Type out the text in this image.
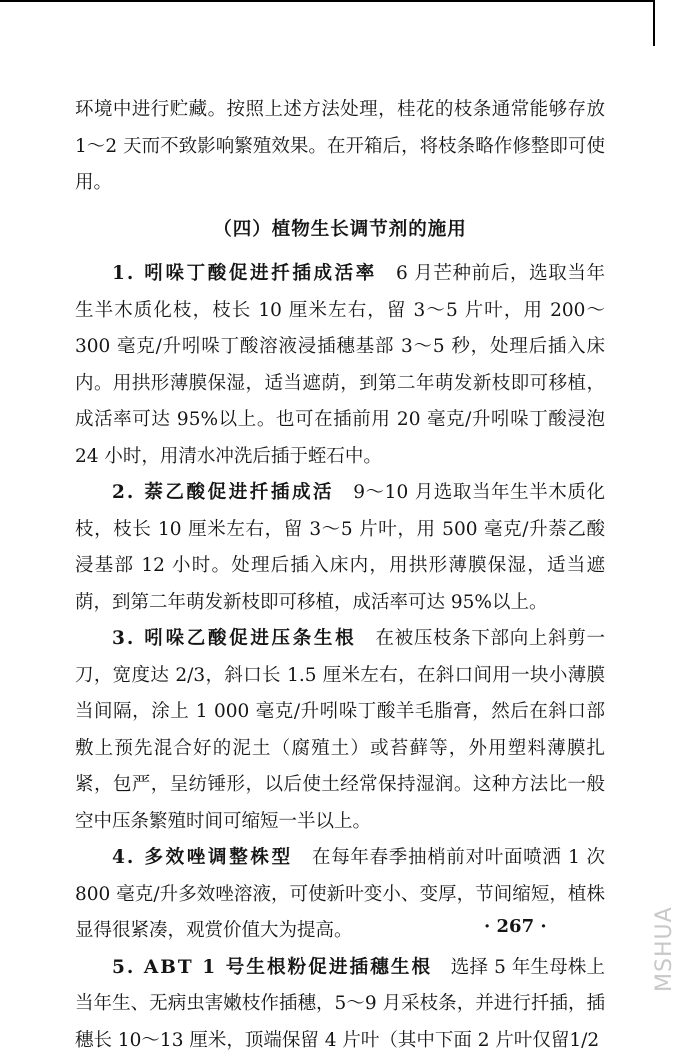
环境中进行贮藏。按照上述方法处理，桂花的枝条通常能够存放 1～2 天而不致影响繁殖效果。在开箱后，将枝条略作修整即可使用。

（四）植物生长调节剂的施用

1. 吲哚丁酸促进扦插成活率　 6 月芒种前后，选取当年生半木质化枝，枝长 10 厘米左右，留 3～5 片叶，用 200～300 毫克/升吲哚丁酸溶液浸插穗基部 3～5 秒，处理后插入床内。用拱形薄膜保湿，适当遮荫，到第二年萌发新枝即可移植，成活率可达 95%以上。也可在插前用 20 毫克/升吲哚丁酸浸泡 24 小时，用清水冲洗后插于蛭石中。

2. 萘乙酸促进扦插成活　 9～10 月选取当年生半木质化枝，枝长 10 厘米左右，留 3～5 片叶，用 500 毫克/升萘乙酸浸基部 12 小时。处理后插入床内，用拱形薄膜保湿，适当遮荫，到第二年萌发新枝即可移植，成活率可达 95%以上。

3. 吲哚乙酸促进压条生根　 在被压枝条下部向上斜剪一刀，宽度达 2/3，斜口长 1.5 厘米左右，在斜口间用一块小薄膜当间隔，涂上 1 000 毫克/升吲哚丁酸羊毛脂膏，然后在斜口部敷上预先混合好的泥土（腐殖土）或苔藓等，外用塑料薄膜扎紧，包严，呈纺锤形，以后使土经常保持湿润。这种方法比一般空中压条繁殖时间可缩短一半以上。

4. 多效唑调整株型　 在每年春季抽梢前对叶面喷洒 1 次 800 毫克/升多效唑溶液，可使新叶变小、变厚，节间缩短，植株显得很紧凑，观赏价值大为提高。

5. ABT 1 号生根粉促进插穗生根　 选择 5 年生母株上当年生、无病虫害嫩枝作插穗，5～9 月采枝条，并进行扦插，插穗长 10～13 厘米，顶端保留 4 片叶（其中下面 2 片叶仅留1/2

· 267 ·	MSHUA
